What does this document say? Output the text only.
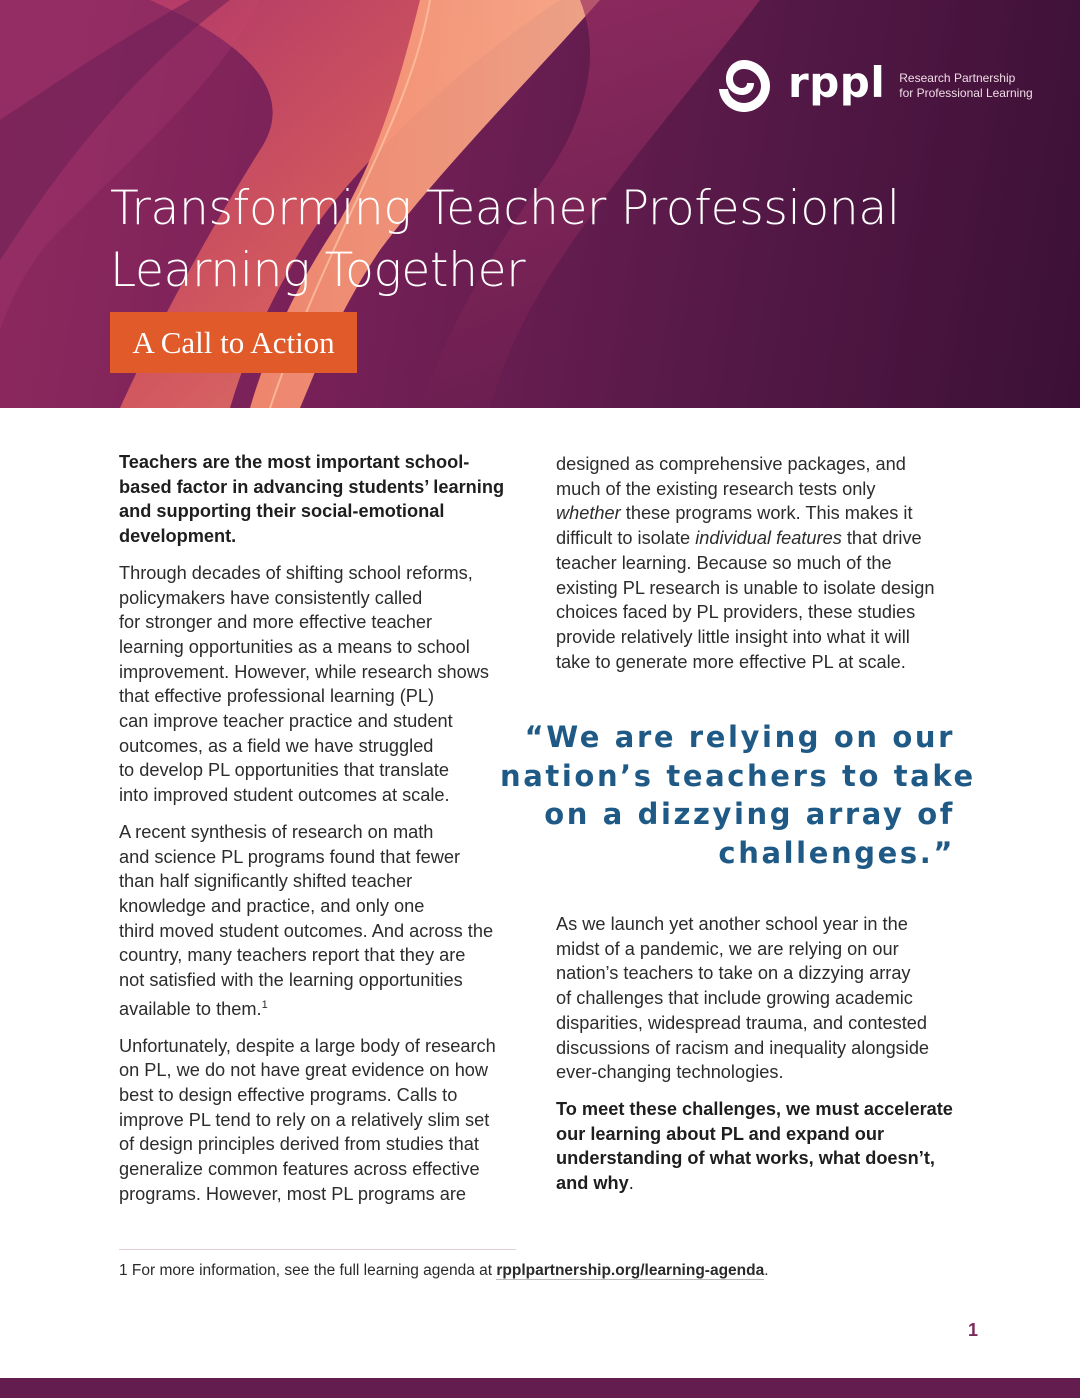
rppl Research Partnership
for Professional Learning
Transforming Teacher Professional
Learning Together
A Call to Action

Teachers are the most important school-
based factor in advancing students’ learning
and supporting their social-emotional
development.

Through decades of shifting school reforms,
policymakers have consistently called
for stronger and more effective teacher
learning opportunities as a means to school
improvement. However, while research shows
that effective professional learning (PL)
can improve teacher practice and student
outcomes, as a field we have struggled
to develop PL opportunities that translate
into improved student outcomes at scale.

A recent synthesis of research on math
and science PL programs found that fewer
than half significantly shifted teacher
knowledge and practice, and only one
third moved student outcomes. And across the
country, many teachers report that they are
not satisfied with the learning opportunities
available to them.$^1$

Unfortunately, despite a large body of research
on PL, we do not have great evidence on how
best to design effective programs. Calls to
improve PL tend to rely on a relatively slim set
of design principles derived from studies that
generalize common features across effective
programs. However, most PL programs are

designed as comprehensive packages, and
much of the existing research tests only
whether these programs work. This makes it
difficult to isolate individual features that drive
teacher learning. Because so much of the
existing PL research is unable to isolate design
choices faced by PL providers, these studies
provide relatively little insight into what it will
take to generate more effective PL at scale.

As we launch yet another school year in the
midst of a pandemic, we are relying on our
nation’s teachers to take on a dizzying array
of challenges that include growing academic
disparities, widespread trauma, and contested
discussions of racism and inequality alongside
ever-changing technologies.

To meet these challenges, we must accelerate
our learning about PL and expand our
understanding of what works, what doesn’t,
and why.

“We are relying on our
nation’s teachers to take
on a dizzying array of
challenges.”
1 For more information, see the full learning agenda at rpplpartnership.org/learning-agenda.
1
